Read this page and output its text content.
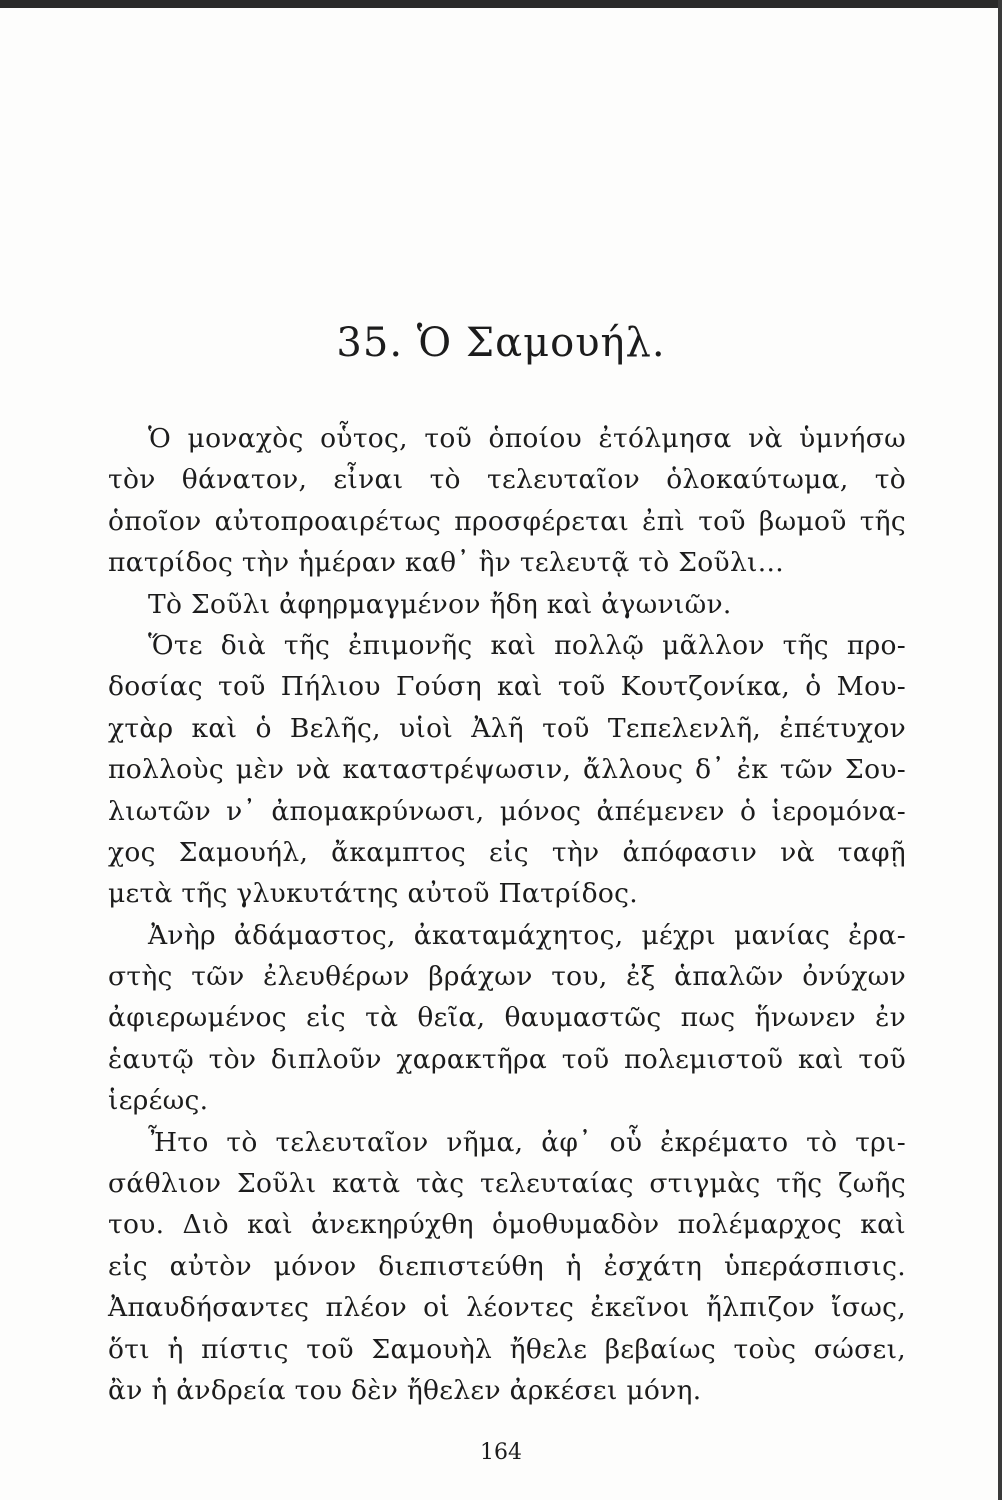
35. Ὁ Σαμουήλ.
Ὁ μοναχὸς οὗτος, τοῦ ὁποίου ἐτόλμησα νὰ ὑμνήσω
τὸν θάνατον, εἶναι τὸ τελευταῖον ὁλοκαύτωμα, τὸ
ὁποῖον αὐτοπροαιρέτως προσφέρεται ἐπὶ τοῦ βωμοῦ τῆς
πατρίδος τὴν ἡμέραν καθ᾽ ἣν τελευτᾷ τὸ Σοῦλι...
Τὸ Σοῦλι ἀφηρμαγμένον ἤδη καὶ ἀγωνιῶν.
Ὅτε διὰ τῆς ἐπιμονῆς καὶ πολλῷ μᾶλλον τῆς προ-
δοσίας τοῦ Πήλιου Γούση καὶ τοῦ Κουτζονίκα, ὁ Μου-
χτὰρ καὶ ὁ Βελῆς, υἱοὶ Ἀλῆ τοῦ Τεπελενλῆ, ἐπέτυχον
πολλοὺς μὲν νὰ καταστρέψωσιν, ἄλλους δ᾽ ἐκ τῶν Σου-
λιωτῶν ν᾽ ἀπομακρύνωσι, μόνος ἀπέμενεν ὁ ἱερομόνα-
χος Σαμουήλ, ἄκαμπτος εἰς τὴν ἀπόφασιν νὰ ταφῇ
μετὰ τῆς γλυκυτάτης αὐτοῦ Πατρίδος.
Ἀνὴρ ἀδάμαστος, ἀκαταμάχητος, μέχρι μανίας ἐρα-
στὴς τῶν ἐλευθέρων βράχων του, ἐξ ἁπαλῶν ὀνύχων
ἀφιερωμένος εἰς τὰ θεῖα, θαυμαστῶς πως ἥνωνεν ἐν
ἑαυτῷ τὸν διπλοῦν χαρακτῆρα τοῦ πολεμιστοῦ καὶ τοῦ
ἱερέως.
Ἦτο τὸ τελευταῖον νῆμα, ἀφ᾽ οὗ ἐκρέματο τὸ τρι-
σάθλιον Σοῦλι κατὰ τὰς τελευταίας στιγμὰς τῆς ζωῆς
του. Διὸ καὶ ἀνεκηρύχθη ὁμοθυμαδὸν πολέμαρχος καὶ
εἰς αὐτὸν μόνον διεπιστεύθη ἡ ἐσχάτη ὑπεράσπισις.
Ἀπαυδήσαντες πλέον οἱ λέοντες ἐκεῖνοι ἤλπιζον ἴσως,
ὅτι ἡ πίστις τοῦ Σαμουὴλ ἤθελε βεβαίως τοὺς σώσει,
ἂν ἡ ἀνδρεία του δὲν ἤθελεν ἀρκέσει μόνη.
164
